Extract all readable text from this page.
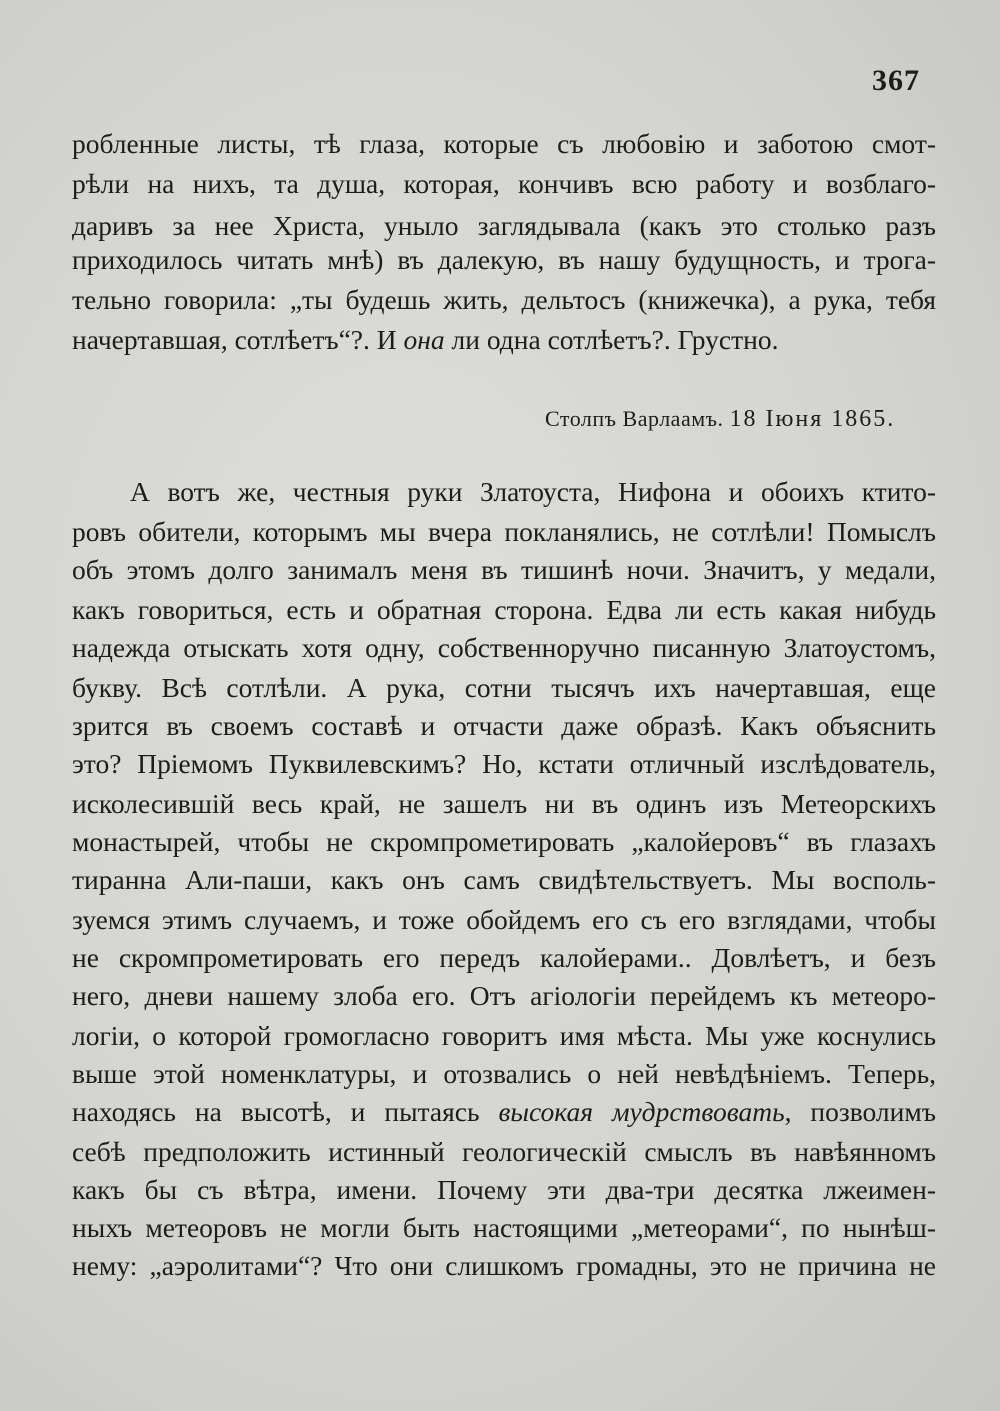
367
робленные листы, тѣ глаза, которые съ любовію и заботою смот-
рѣли на нихъ, та душа, которая, кончивъ всю работу и возблаго-
даривъ за нее Христа, уныло заглядывала (какъ это столько разъ
приходилось читать мнѣ) въ далекую, въ нашу будущность, и трога-
тельно говорила: „ты будешь жить, дельтосъ (книжечка), а рука, тебя
начертавшая, сотлѣетъ“?. И она ли одна сотлѣетъ?. Грустно.
Столпъ Варлаамъ. 18 Іюня 1865.
А вотъ же, честныя руки Златоуста, Нифона и обоихъ ктито-
ровъ обители, которымъ мы вчера покланялись, не сотлѣли! Помыслъ
объ этомъ долго занималъ меня въ тишинѣ ночи. Значитъ, у медали,
какъ говориться, есть и обратная сторона. Едва ли есть какая нибудь
надежда отыскать хотя одну, собственноручно писанную Златоустомъ,
букву. Всѣ сотлѣли. А рука, сотни тысячъ ихъ начертавшая, еще
зрится въ своемъ составѣ и отчасти даже образѣ. Какъ объяснить
это? Пріемомъ Пуквилевскимъ? Но, кстати отличный изслѣдователь,
исколесившій весь край, не зашелъ ни въ одинъ изъ Метеорскихъ
монастырей, чтобы не скромпрометировать „калойеровъ“ въ глазахъ
тиранна Али-паши, какъ онъ самъ свидѣтельствуетъ. Мы восполь-
зуемся этимъ случаемъ, и тоже обойдемъ его съ его взглядами, чтобы
не скромпрометировать его передъ калойерами.. Довлѣетъ, и безъ
него, дневи нашему злоба его. Отъ агіологіи перейдемъ къ метеоро-
логіи, о которой громогласно говоритъ имя мѣста. Мы уже коснулись
выше этой номенклатуры, и отозвались о ней невѣдѣніемъ. Теперь,
находясь на высотѣ, и пытаясь высокая мудрствовать, позволимъ
себѣ предположить истинный геологическій смыслъ въ навѣянномъ
какъ бы съ вѣтра, имени. Почему эти два-три десятка лжеимен-
ныхъ метеоровъ не могли быть настоящими „метеорами“, по нынѣш-
нему: „аэролитами“? Что они слишкомъ громадны, это не причина не
